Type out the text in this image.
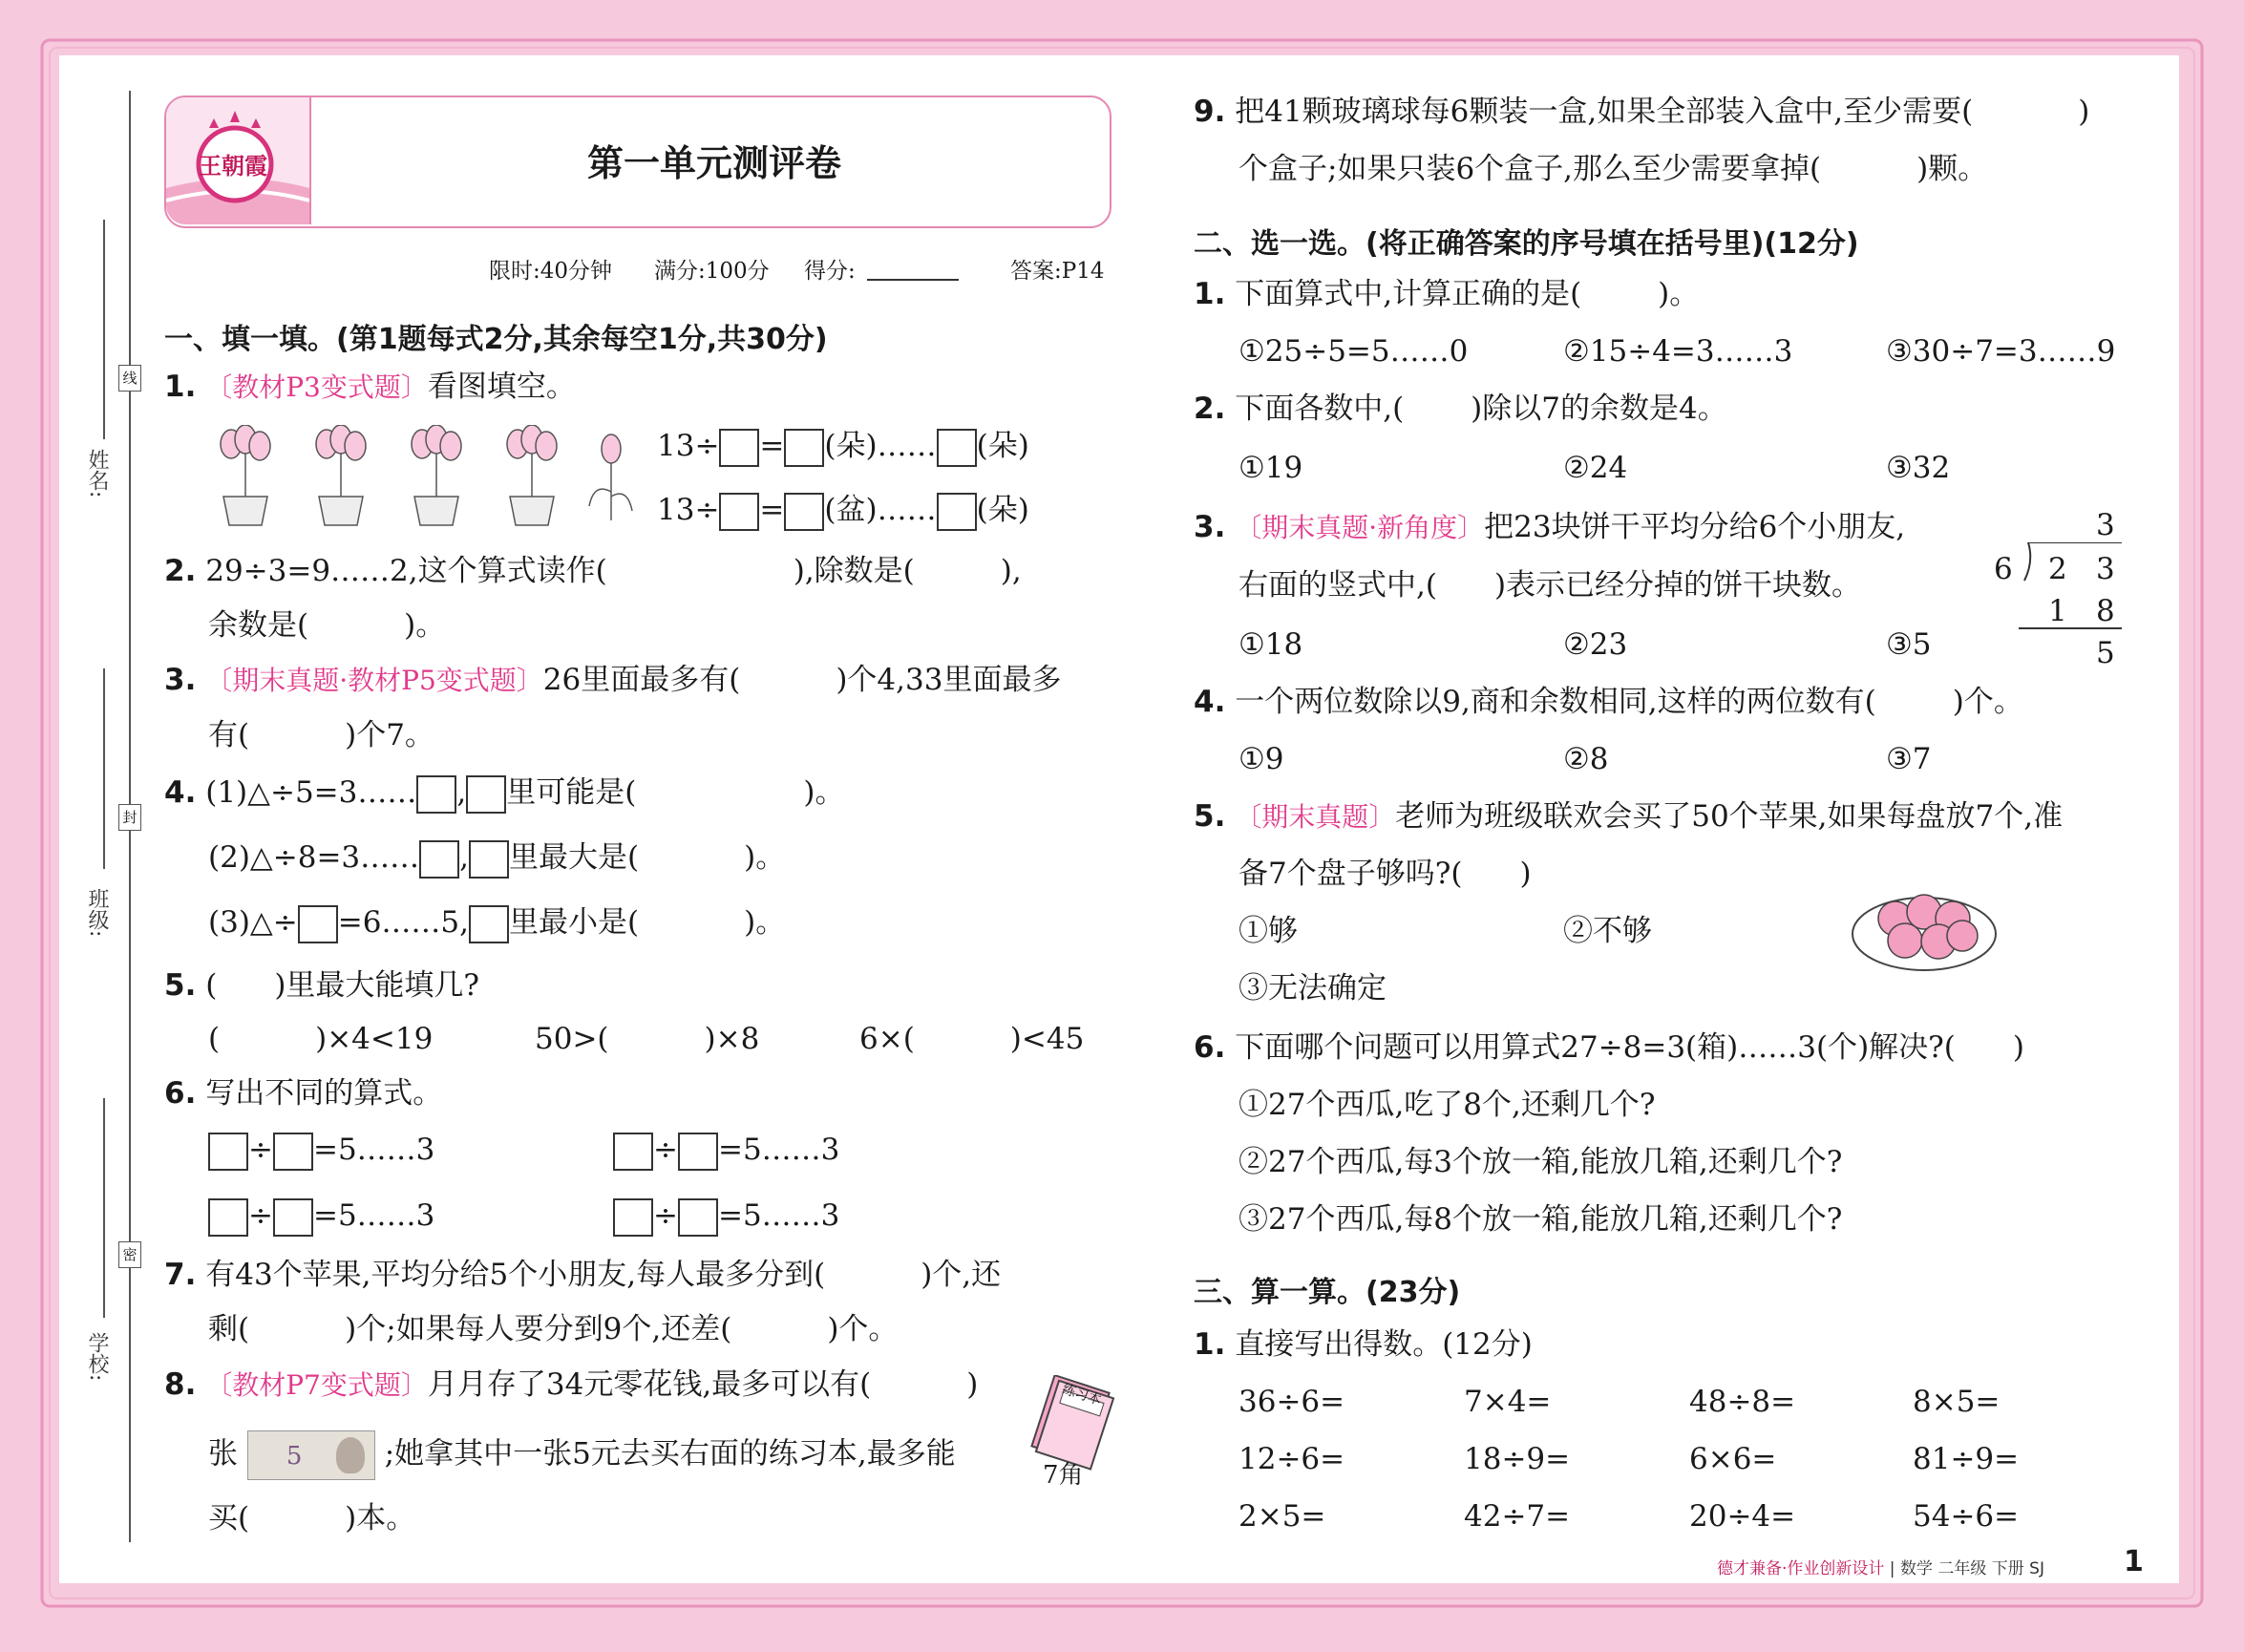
线
封
密
姓名:
班级:
学校:
王朝霞	第一单元测评卷
限时:40分钟 满分:100分 得分:	答案:P14
一、填一填。(第1题每式2分,其余每空1分,共30分)
1. 〔教材P3变式题〕看图填空。
13÷ = (朵)…… (朵)
13÷ = (盆)…… (朵)
2. 29÷3=9……2,这个算式读作(	),除数是(	),
余数是(	)。
3. 〔期末真题·教材P5变式题〕26里面最多有(	)个4,33里面最多
有(	)个7。
4. (1)△÷5=3…… , 里可能是(	)。
(2)△÷8=3…… , 里最大是(	)。
(3)△÷ =6……5, 里最小是(	)。
5. ( )里最大能填几?
(	)×4<19	50>(	)×8	6×(	)<45
6. 写出不同的算式。
÷ =5……3	÷ =5……3
÷ =5……3	÷ =5……3
7. 有43个苹果,平均分给5个小朋友,每人最多分到(	)个,还
剩(	)个;如果每人要分到9个,还差(	)个。
8. 〔教材P7变式题〕月月存了34元零花钱,最多可以有(	)
张 5	;她拿其中一张5元去买右面的练习本,最多能
买(	)本。
练习本
7角
9. 把41颗玻璃球每6颗装一盒,如果全部装入盒中,至少需要(	)
个盒子;如果只装6个盒子,那么至少需要拿掉(	)颗。
二、选一选。(将正确答案的序号填在括号里)(12分)
1. 下面算式中,计算正确的是(	)。
①25÷5=5……0	②15÷4=3……3	③30÷7=3……9
2. 下面各数中,( )除以7的余数是4。
①19	②24	③32
3. 〔期末真题·新角度〕把23块饼干平均分给6个小朋友,
右面的竖式中,( )表示已经分掉的饼干块数。
①18	②23	③5
3
6 2 3
1 8
5
4. 一个两位数除以9,商和余数相同,这样的两位数有(	)个。
①9	②8	③7
5. 〔期末真题〕老师为班级联欢会买了50个苹果,如果每盘放7个,准
备7个盘子够吗?( )
①够	②不够
③无法确定
6. 下面哪个问题可以用算式27÷8=3(箱)……3(个)解决?( )
①27个西瓜,吃了8个,还剩几个?
②27个西瓜,每3个放一箱,能放几箱,还剩几个?
③27个西瓜,每8个放一箱,能放几箱,还剩几个?
三、算一算。(23分)
1. 直接写出得数。(12分)
36÷6=	7×4=	48÷8=	8×5=
12÷6=	18÷9=	6×6=	81÷9=
2×5=	42÷7=	20÷4=	54÷6=
德才兼备·作业创新设计 | 数学 二年级 下册 SJ	1
